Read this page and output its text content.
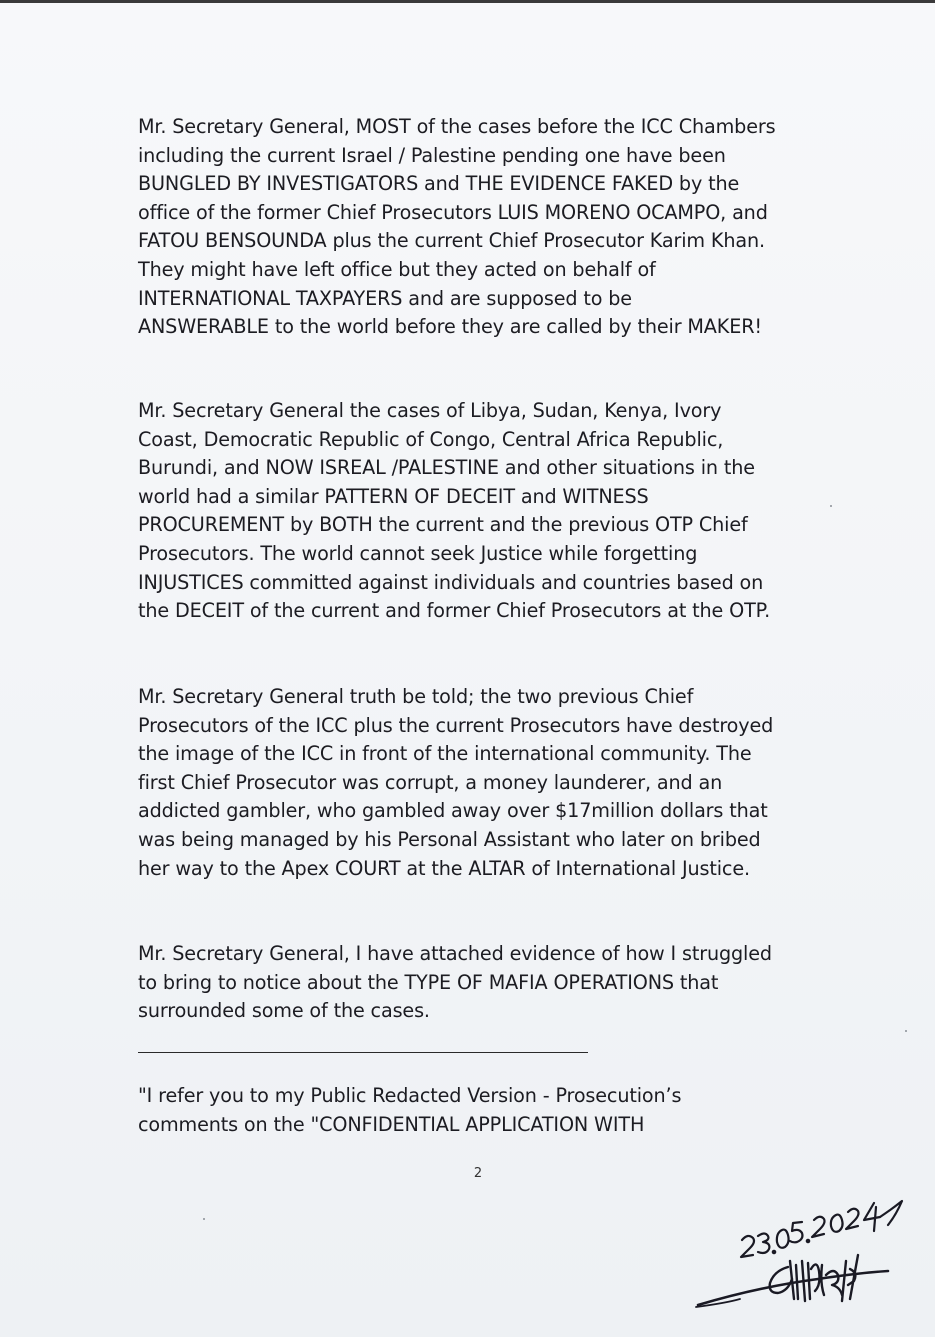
Mr. Secretary General, MOST of the cases before the ICC Chambers
including the current Israel / Palestine pending one have been
BUNGLED BY INVESTIGATORS and THE EVIDENCE FAKED by the
office of the former Chief Prosecutors LUIS MORENO OCAMPO, and
FATOU BENSOUNDA plus the current Chief Prosecutor Karim Khan.
They might have left office but they acted on behalf of
INTERNATIONAL TAXPAYERS and are supposed to be
ANSWERABLE to the world before they are called by their MAKER!
Mr. Secretary General the cases of Libya, Sudan, Kenya, Ivory
Coast, Democratic Republic of Congo, Central Africa Republic,
Burundi, and NOW ISREAL /PALESTINE and other situations in the
world had a similar PATTERN OF DECEIT and WITNESS
PROCUREMENT by BOTH the current and the previous OTP Chief
Prosecutors. The world cannot seek Justice while forgetting
INJUSTICES committed against individuals and countries based on
the DECEIT of the current and former Chief Prosecutors at the OTP.
Mr. Secretary General truth be told; the two previous Chief
Prosecutors of the ICC plus the current Prosecutors have destroyed
the image of the ICC in front of the international community. The
first Chief Prosecutor was corrupt, a money launderer, and an
addicted gambler, who gambled away over $17million dollars that
was being managed by his Personal Assistant who later on bribed
her way to the Apex COURT at the ALTAR of International Justice.
Mr. Secretary General, I have attached evidence of how I struggled
to bring to notice about the TYPE OF MAFIA OPERATIONS that
surrounded some of the cases.
"I refer you to my Public Redacted Version - Prosecution’s
comments on the "CONFIDENTIAL APPLICATION WITH
2
